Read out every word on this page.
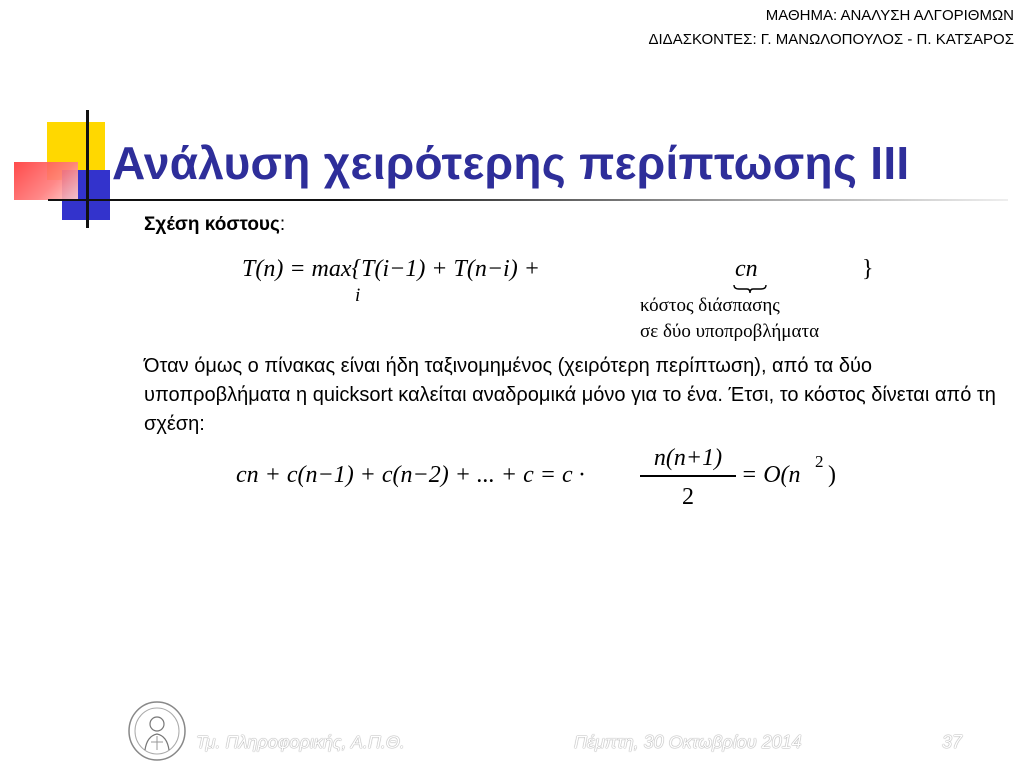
ΜΑΘΗΜΑ: ΑΝΑΛΥΣΗ ΑΛΓΟΡΙΘΜΩΝ
ΔΙΔΑΣΚΟΝΤΕΣ: Γ. ΜΑΝΩΛΟΠΟΥΛΟΣ - Π. ΚΑΤΣΑΡΟΣ
Ανάλυση χειρότερης περίπτωσης ΙΙΙ
Σχέση κόστους:
T(n) = max{T(i−1) + T(n−i) +
i
cn	}
κόστος διάσπασης
σε δύο υποπροβλήματα

Όταν όμως ο πίνακας είναι ήδη ταξινομημένος (χειρότερη περίπτωση), από τα δύο υποπροβλήματα η quicksort καλείται αναδρομικά μόνο για το ένα. Έτσι, το κόστος δίνεται από τη σχέση:

cn + c(n−1) + c(n−2) + ... + c = c ·
n(n+1)
2
= O(n
2
)
Τμ. Πληροφορικής, Α.Π.Θ.	Πέμπτη, 30 Οκτωβρίου 2014	37
